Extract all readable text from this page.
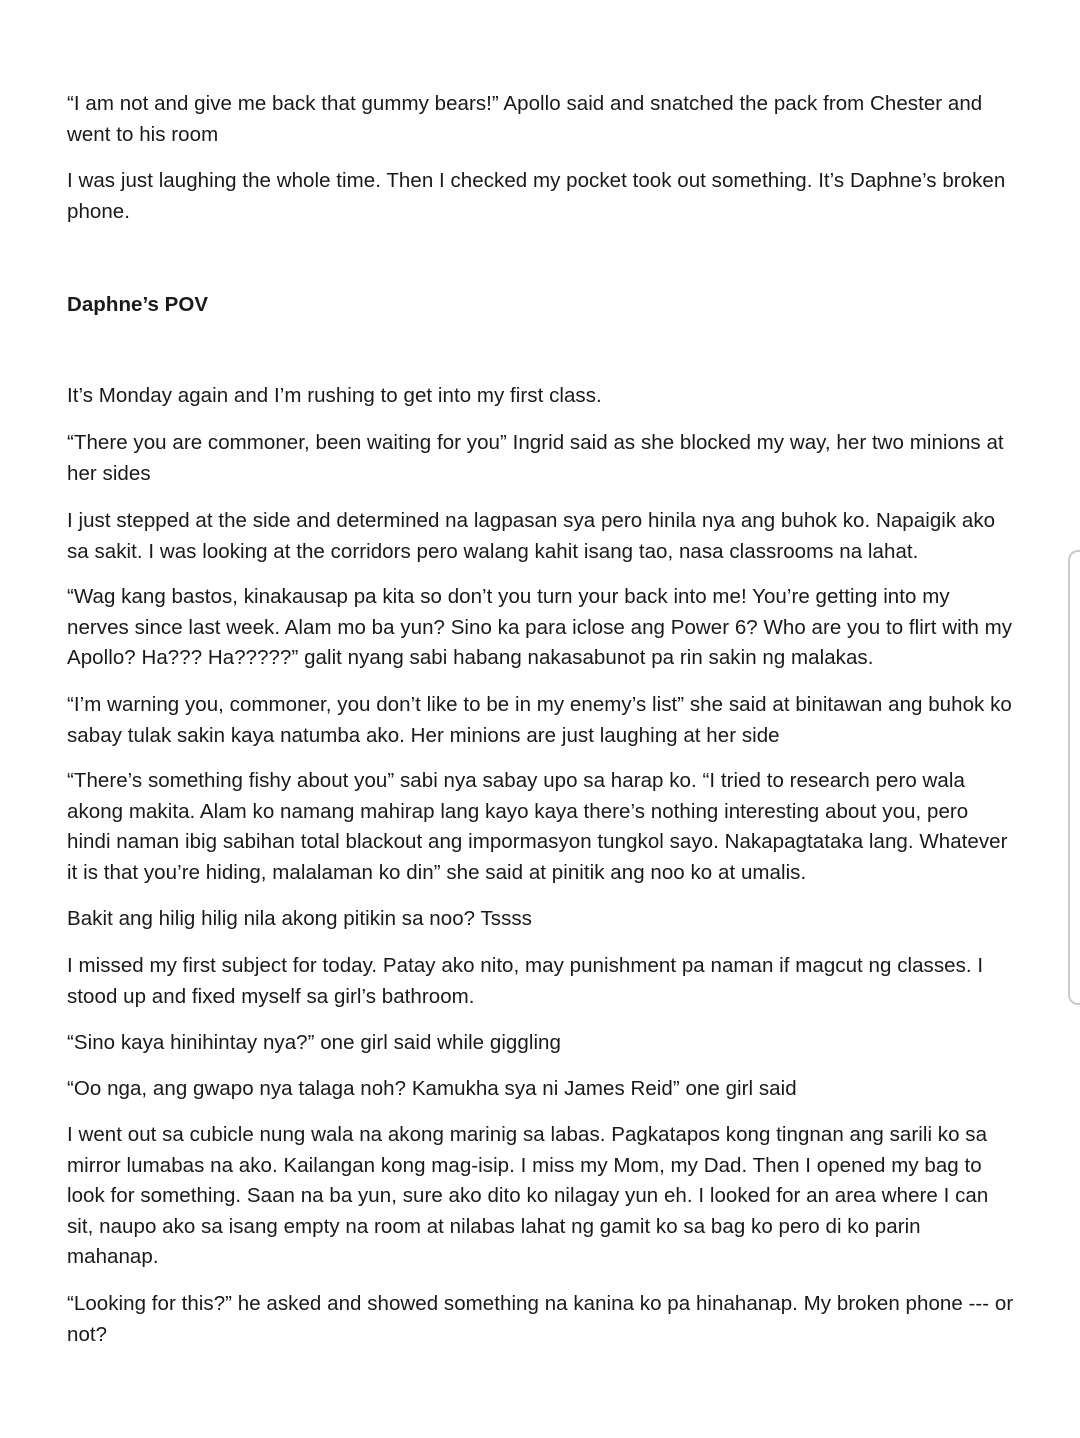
“I am not and give me back that gummy bears!” Apollo said and snatched the pack from Chester and went to his room

I was just laughing the whole time. Then I checked my pocket took out something. It’s Daphne’s broken phone.

Daphne’s POV

It’s Monday again and I’m rushing to get into my first class.

“There you are commoner, been waiting for you” Ingrid said as she blocked my way, her two minions at her sides

I just stepped at the side and determined na lagpasan sya pero hinila nya ang buhok ko. Napaigik ako sa sakit. I was looking at the corridors pero walang kahit isang tao, nasa classrooms na lahat.

“Wag kang bastos, kinakausap pa kita so don’t you turn your back into me! You’re getting into my nerves since last week. Alam mo ba yun? Sino ka para iclose ang Power 6? Who are you to flirt with my Apollo? Ha??? Ha?????” galit nyang sabi habang nakasabunot pa rin sakin ng malakas.

“I’m warning you, commoner, you don’t like to be in my enemy’s list” she said at binitawan ang buhok ko sabay tulak sakin kaya natumba ako. Her minions are just laughing at her side

“There’s something fishy about you” sabi nya sabay upo sa harap ko. “I tried to research pero wala akong makita. Alam ko namang mahirap lang kayo kaya there’s nothing interesting about you, pero hindi naman ibig sabihan total blackout ang impormasyon tungkol sayo. Nakapagtataka lang. Whatever it is that you’re hiding, malalaman ko din” she said at pinitik ang noo ko at umalis.

Bakit ang hilig hilig nila akong pitikin sa noo? Tssss

I missed my first subject for today. Patay ako nito, may punishment pa naman if magcut ng classes. I stood up and fixed myself sa girl’s bathroom.

“Sino kaya hinihintay nya?” one girl said while giggling

“Oo nga, ang gwapo nya talaga noh? Kamukha sya ni James Reid” one girl said

I went out sa cubicle nung wala na akong marinig sa labas. Pagkatapos kong tingnan ang sarili ko sa mirror lumabas na ako. Kailangan kong mag-isip. I miss my Mom, my Dad. Then I opened my bag to look for something. Saan na ba yun, sure ako dito ko nilagay yun eh. I looked for an area where I can sit, naupo ako sa isang empty na room at nilabas lahat ng gamit ko sa bag ko pero di ko parin mahanap.

“Looking for this?” he asked and showed something na kanina ko pa hinahanap. My broken phone --- or not?
